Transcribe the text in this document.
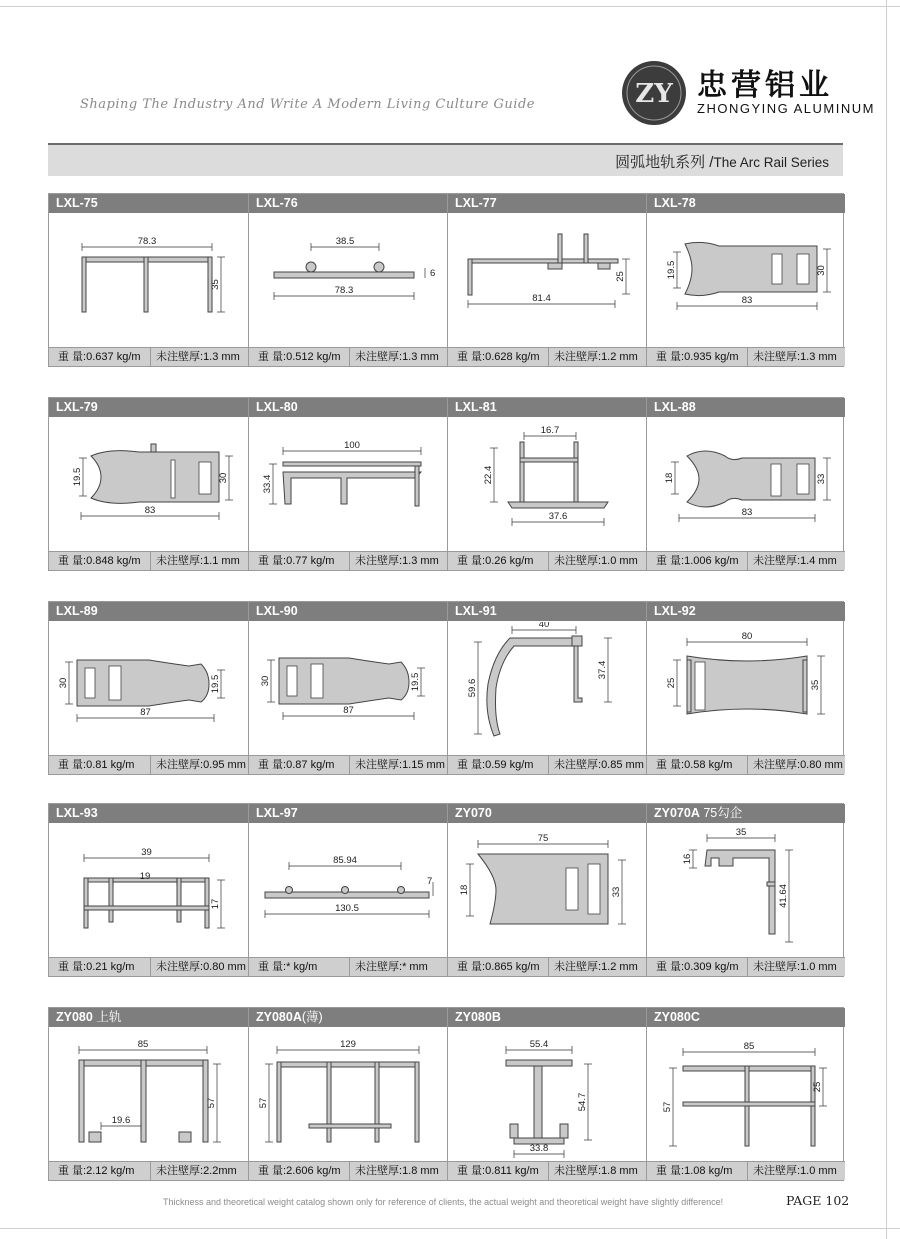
Shaping The Industry And Write A Modern Living Culture Guide	ZY 忠营铝业
ZHONGYING ALUMINUM
圆弧地轨系列 /The Arc Rail Series
LXL-75
78.3
35
重 量:0.637 kg/m	未注壁厚:1.3 mm
LXL-76
38.5
78.3
6
重 量:0.512 kg/m	未注壁厚:1.3 mm
LXL-77
81.4
25
重 量:0.628 kg/m	未注壁厚:1.2 mm
LXL-78
19.5	30
83
重 量:0.935 kg/m	未注壁厚:1.3 mm
LXL-79
19.5	30
83
重 量:0.848 kg/m	未注壁厚:1.1 mm
LXL-80
100
33.4
重 量:0.77 kg/m	未注壁厚:1.3 mm
LXL-81
16.7
22.4
37.6
重 量:0.26 kg/m	未注壁厚:1.0 mm
LXL-88
18	33
83
重 量:1.006 kg/m	未注壁厚:1.4 mm
LXL-89
30	19.5
87
重 量:0.81 kg/m	未注壁厚:0.95 mm
LXL-90
30	19.5
87
重 量:0.87 kg/m	未注壁厚:1.15 mm
LXL-91
40
37.4
59.6
重 量:0.59 kg/m	未注壁厚:0.85 mm
LXL-92
80
25	35
重 量:0.58 kg/m	未注壁厚:0.80 mm
LXL-93
39
19
17
重 量:0.21 kg/m	未注壁厚:0.80 mm
LXL-97
85.94
7
130.5
重 量:* kg/m	未注壁厚:* mm
ZY070
75
18	33
重 量:0.865 kg/m	未注壁厚:1.2 mm
ZY070A 75勾企
35
16
41.64
重 量:0.309 kg/m	未注壁厚:1.0 mm
ZY080 上轨
85
19.6
57
重 量:2.12 kg/m	未注壁厚:2.2mm
ZY080A(薄)
129
57
重 量:2.606 kg/m	未注壁厚:1.8 mm
ZY080B
55.4
54.7
33.8
重 量:0.811 kg/m	未注壁厚:1.8 mm
ZY080C
85
25
57
重 量:1.08 kg/m	未注壁厚:1.0 mm
Thickness and theoretical weight catalog shown only for reference of clients, the actual weight and theoretical weight have slightly difference!	PAGE 102
